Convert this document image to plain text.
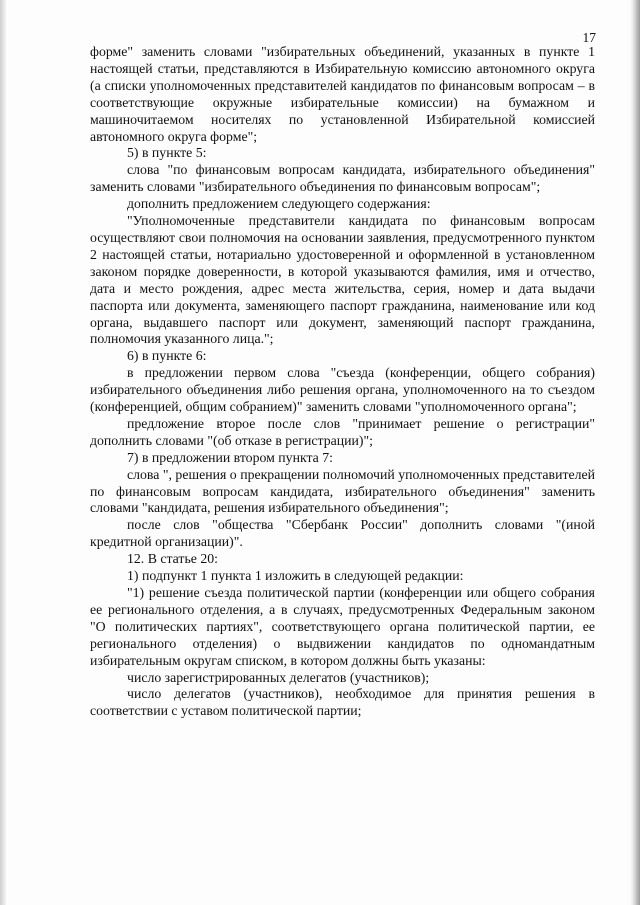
17

форме" заменить словами "избирательных объединений, указанных в пункте 1 настоящей статьи, представляются в Избирательную комиссию автономного округа (а списки уполномоченных представителей кандидатов по финансовым вопросам – в соответствующие окружные избирательные комиссии) на бумажном и машиночитаемом носителях по установленной Избирательной комиссией автономного округа форме";

5) в пункте 5:

слова "по финансовым вопросам кандидата, избирательного объединения" заменить словами "избирательного объединения по финансовым вопросам";

дополнить предложением следующего содержания:

"Уполномоченные представители кандидата по финансовым вопросам осуществляют свои полномочия на основании заявления, предусмотренного пунктом 2 настоящей статьи, нотариально удостоверенной и оформленной в установленном законом порядке доверенности, в которой указываются фамилия, имя и отчество, дата и место рождения, адрес места жительства, серия, номер и дата выдачи паспорта или документа, заменяющего паспорт гражданина, наименование или код органа, выдавшего паспорт или документ, заменяющий паспорт гражданина, полномочия указанного лица.";

6) в пункте 6:

в предложении первом слова "съезда (конференции, общего собрания) избирательного объединения либо решения органа, уполномоченного на то съездом (конференцией, общим собранием)" заменить словами "уполномоченного органа";

предложение второе после слов "принимает решение о регистрации" дополнить словами "(об отказе в регистрации)";

7) в предложении втором пункта 7:

слова ", решения о прекращении полномочий уполномоченных представителей по финансовым вопросам кандидата, избирательного объединения" заменить словами "кандидата, решения избирательного объединения";

после слов "общества "Сбербанк России" дополнить словами "(иной кредитной организации)".

12. В статье 20:

1) подпункт 1 пункта 1 изложить в следующей редакции:

"1) решение съезда политической партии (конференции или общего собрания ее регионального отделения, а в случаях, предусмотренных Федеральным законом "О политических партиях", соответствующего органа политической партии, ее регионального отделения) о выдвижении кандидатов по одномандатным избирательным округам списком, в котором должны быть указаны:

число зарегистрированных делегатов (участников);

число делегатов (участников), необходимое для принятия решения в соответствии с уставом политической партии;
